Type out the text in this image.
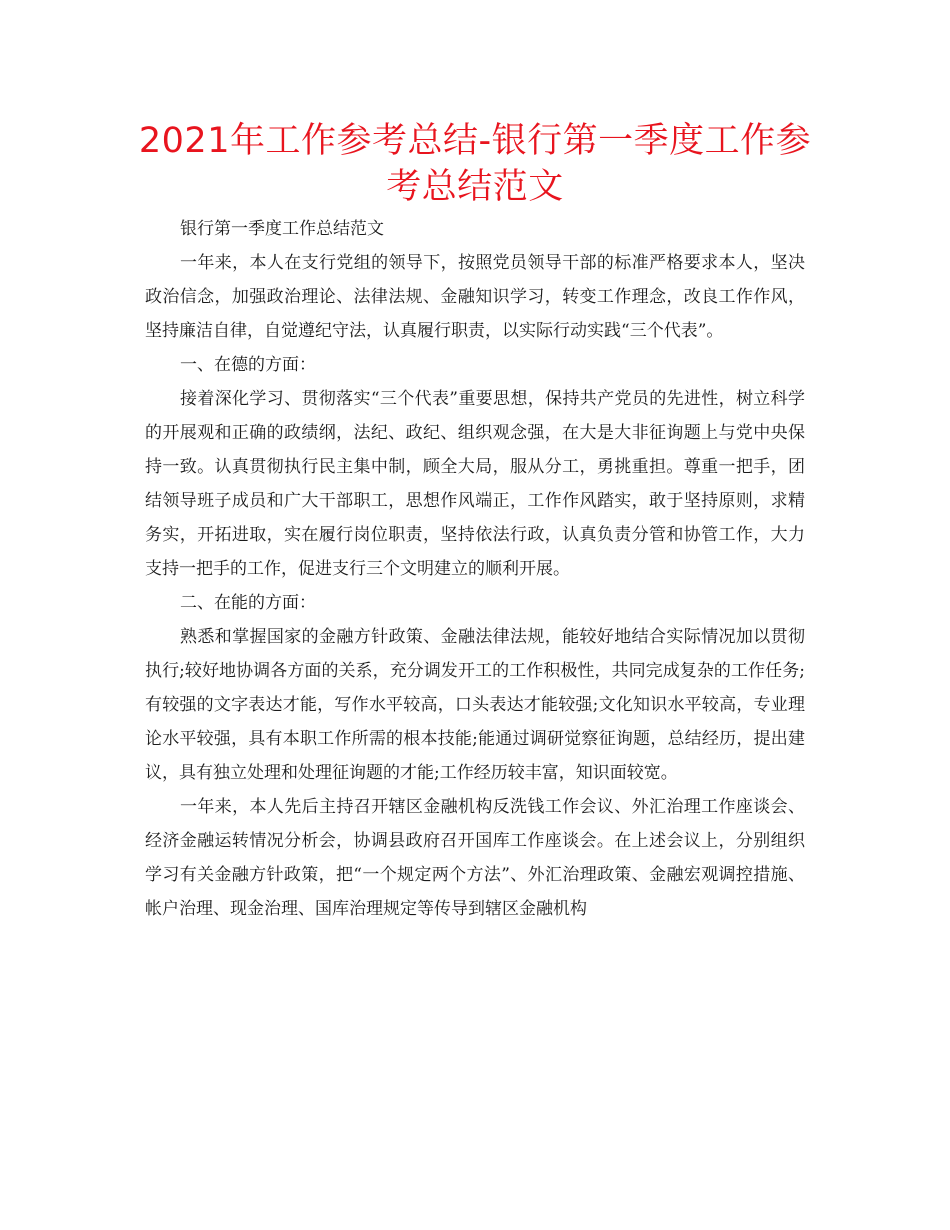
2021年工作参考总结-银行第一季度工作参考总结范文

银行第一季度工作总结范文

一年来，本人在支行党组的领导下，按照党员领导干部的标准严格要求本人，坚决政治信念，加强政治理论、法律法规、金融知识学习，转变工作理念，改良工作作风，坚持廉洁自律，自觉遵纪守法，认真履行职责，以实际行动实践“三个代表”。

一、在德的方面：

接着深化学习、贯彻落实“三个代表”重要思想，保持共产党员的先进性，树立科学的开展观和正确的政绩纲，法纪、政纪、组织观念强，在大是大非征询题上与党中央保持一致。认真贯彻执行民主集中制，顾全大局，服从分工，勇挑重担。尊重一把手，团结领导班子成员和广大干部职工，思想作风端正，工作作风踏实，敢于坚持原则，求精务实，开拓进取，实在履行岗位职责，坚持依法行政，认真负责分管和协管工作，大力支持一把手的工作，促进支行三个文明建立的顺利开展。

二、在能的方面：

熟悉和掌握国家的金融方针政策、金融法律法规，能较好地结合实际情况加以贯彻执行;较好地协调各方面的关系，充分调发开工的工作积极性，共同完成复杂的工作任务;有较强的文字表达才能，写作水平较高，口头表达才能较强;文化知识水平较高，专业理论水平较强，具有本职工作所需的根本技能;能通过调研觉察征询题，总结经历，提出建议，具有独立处理和处理征询题的才能;工作经历较丰富，知识面较宽。

一年来，本人先后主持召开辖区金融机构反洗钱工作会议、外汇治理工作座谈会、经济金融运转情况分析会，协调县政府召开国库工作座谈会。在上述会议上，分别组织学习有关金融方针政策，把“一个规定两个方法”、外汇治理政策、金融宏观调控措施、帐户治理、现金治理、国库治理规定等传导到辖区金融机构
